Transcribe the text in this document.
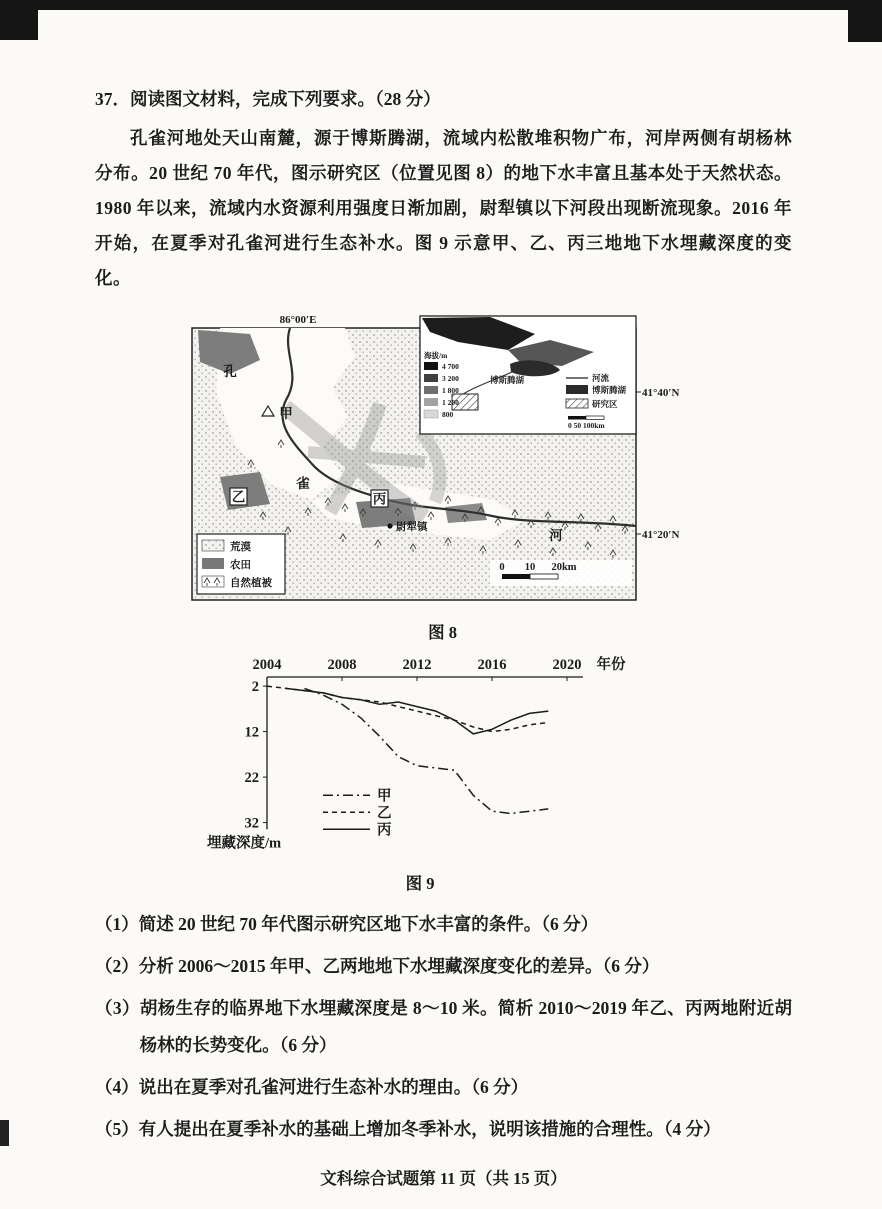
37．阅读图文材料，完成下列要求。（28 分）

孔雀河地处天山南麓，源于博斯腾湖，流域内松散堆积物广布，河岸两侧有胡杨林分布。20 世纪 70 年代，图示研究区（位置见图 8）的地下水丰富且基本处于天然状态。1980 年以来，流域内水资源利用强度日渐加剧，尉犁镇以下河段出现断流现象。2016 年开始，在夏季对孔雀河进行生态补水。图 9 示意甲、乙、丙三地地下水埋藏深度的变化。

86°00′E
甲
乙	丙
尉犁镇
孔
雀
河
博斯腾湖
海拔/m
4 700
3 200
1 800
1 200
800
河流
博斯腾湖
研究区
0 50 100km
41°40′N
41°20′N
荒漠
农田
自然植被
0 10 20km
图 8
2004	2008	2012	2016	2020 年份
2
12
22
32
埋藏深度/m
甲
乙
丙
图 9

（1）简述 20 世纪 70 年代图示研究区地下水丰富的条件。（6 分）

（2）分析 2006～2015 年甲、乙两地地下水埋藏深度变化的差异。（6 分）

（3）胡杨生存的临界地下水埋藏深度是 8～10 米。简析 2010～2019 年乙、丙两地附近胡杨林的长势变化。（6 分）

（4）说出在夏季对孔雀河进行生态补水的理由。（6 分）

（5）有人提出在夏季补水的基础上增加冬季补水，说明该措施的合理性。（4 分）

文科综合试题第 11 页（共 15 页）
